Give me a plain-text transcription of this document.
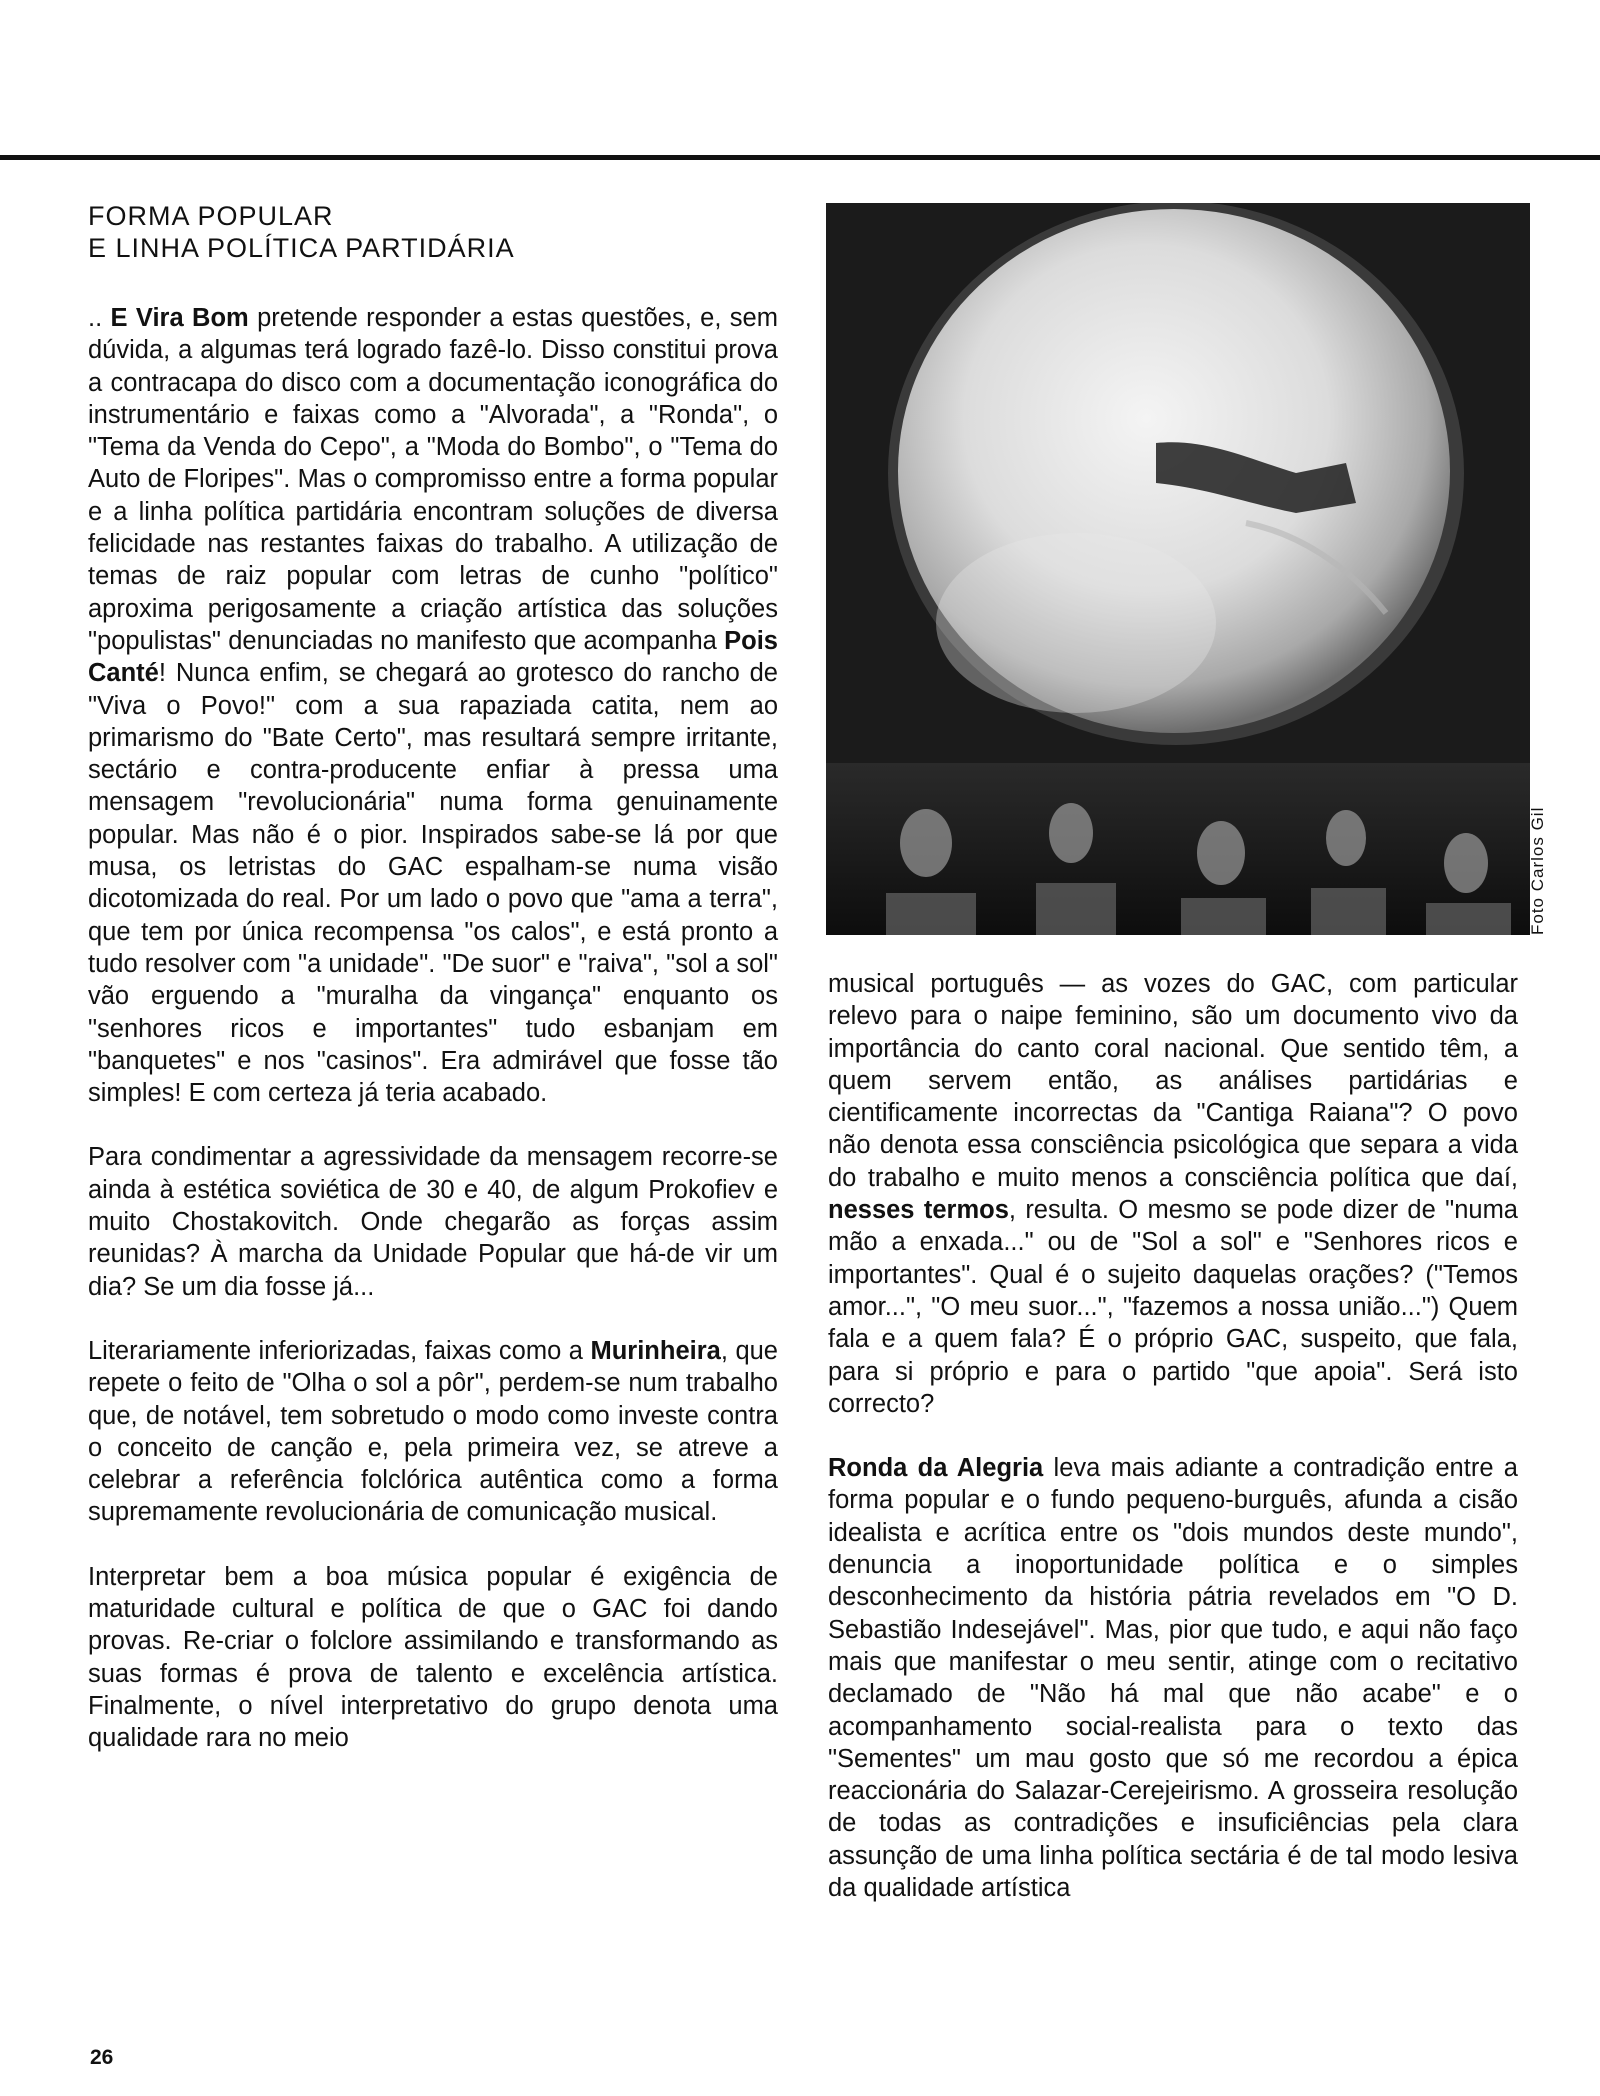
FORMA POPULAR
E LINHA POLÍTICA PARTIDÁRIA

.. E Vira Bom pretende responder a estas questões, e, sem dúvida, a algumas terá logrado fazê-lo. Disso constitui prova a contracapa do disco com a documentação iconográfica do instrumentário e faixas como a "Alvorada", a "Ronda", o "Tema da Venda do Cepo", a "Moda do Bombo", o "Tema do Auto de Floripes". Mas o compromisso entre a forma popular e a linha política partidária encontram soluções de diversa felicidade nas restantes faixas do trabalho. A utilização de temas de raiz popular com letras de cunho "político" aproxima perigosamente a criação artística das soluções "populistas" denunciadas no manifesto que acompanha Pois Canté! Nunca enfim, se chegará ao grotesco do rancho de "Viva o Povo!" com a sua rapaziada catita, nem ao primarismo do "Bate Certo", mas resultará sempre irritante, sectário e contra-producente enfiar à pressa uma mensagem "revolucionária" numa forma genuinamente popular. Mas não é o pior. Inspirados sabe-se lá por que musa, os letristas do GAC espalham-se numa visão dicotomizada do real. Por um lado o povo que "ama a terra", que tem por única recompensa "os calos", e está pronto a tudo resolver com "a unidade". "De suor" e "raiva", "sol a sol" vão erguendo a "muralha da vingança" enquanto os "senhores ricos e importantes" tudo esbanjam em "banquetes" e nos "casinos". Era admirável que fosse tão simples! E com certeza já teria acabado.

Para condimentar a agressividade da mensagem recorre-se ainda à estética soviética de 30 e 40, de algum Prokofiev e muito Chostakovitch. Onde chegarão as forças assim reunidas? À marcha da Unidade Popular que há-de vir um dia? Se um dia fosse já...

Literariamente inferiorizadas, faixas como a Murinheira, que repete o feito de "Olha o sol a pôr", perdem-se num trabalho que, de notável, tem sobretudo o modo como investe contra o conceito de canção e, pela primeira vez, se atreve a celebrar a referência folclórica autêntica como a forma supremamente revolucionária de comunicação musical.

Interpretar bem a boa música popular é exigência de maturidade cultural e política de que o GAC foi dando provas. Re-criar o folclore assimilando e transformando as suas formas é prova de talento e excelência artística. Finalmente, o nível interpretativo do grupo denota uma qualidade rara no meio

Foto Carlos Gil

musical português — as vozes do GAC, com particular relevo para o naipe feminino, são um documento vivo da importância do canto coral nacional. Que sentido têm, a quem servem então, as análises partidárias e cientificamente incorrectas da "Cantiga Raiana"? O povo não denota essa consciência psicológica que separa a vida do trabalho e muito menos a consciência política que daí, nesses termos, resulta. O mesmo se pode dizer de "numa mão a enxada..." ou de "Sol a sol" e "Senhores ricos e importantes". Qual é o sujeito daquelas orações? ("Temos amor...", "O meu suor...", "fazemos a nossa união...") Quem fala e a quem fala? É o próprio GAC, suspeito, que fala, para si próprio e para o partido "que apoia". Será isto correcto?

Ronda da Alegria leva mais adiante a contradição entre a forma popular e o fundo pequeno-burguês, afunda a cisão idealista e acrítica entre os "dois mundos deste mundo", denuncia a inoportunidade política e o simples desconhecimento da história pátria revelados em "O D. Sebastião Indesejável". Mas, pior que tudo, e aqui não faço mais que manifestar o meu sentir, atinge com o recitativo declamado de "Não há mal que não acabe" e o acompanhamento social-realista para o texto das "Sementes" um mau gosto que só me recordou a épica reaccionária do Salazar-Cerejeirismo. A grosseira resolução de todas as contradições e insuficiências pela clara assunção de uma linha política sectária é de tal modo lesiva da qualidade artística

26
